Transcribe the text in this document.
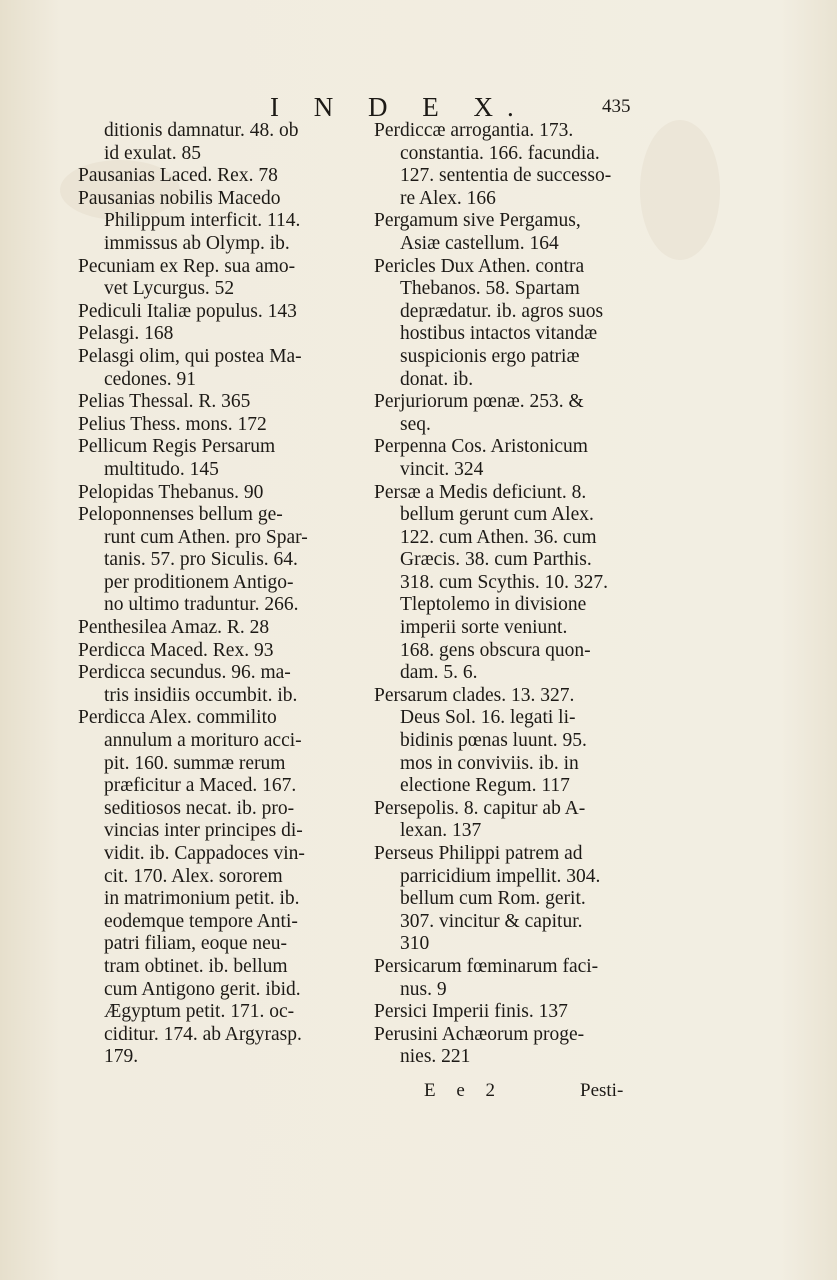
I N D E X.	435
ditionis damnatur. 48. ob
id exulat. 85
Pausanias Laced. Rex. 78
Pausanias nobilis Macedo
Philippum interficit. 114.
immissus ab Olymp. ib.
Pecuniam ex Rep. sua amo-
vet Lycurgus. 52
Pediculi Italiæ populus. 143
Pelasgi. 168
Pelasgi olim, qui postea Ma-
cedones. 91
Pelias Thessal. R. 365
Pelius Thess. mons. 172
Pellicum Regis Persarum
multitudo. 145
Pelopidas Thebanus. 90
Peloponnenses bellum ge-
runt cum Athen. pro Spar-
tanis. 57. pro Siculis. 64.
per proditionem Antigo-
no ultimo traduntur. 266.
Penthesilea Amaz. R. 28
Perdicca Maced. Rex. 93
Perdicca secundus. 96. ma-
tris insidiis occumbit. ib.
Perdicca Alex. commilito
annulum a morituro acci-
pit. 160. summæ rerum
præficitur a Maced. 167.
seditiosos necat. ib. pro-
vincias inter principes di-
vidit. ib. Cappadoces vin-
cit. 170. Alex. sororem
in matrimonium petit. ib.
eodemque tempore Anti-
patri filiam, eoque neu-
tram obtinet. ib. bellum
cum Antigono gerit. ibid.
Ægyptum petit. 171. oc-
ciditur. 174. ab Argyrasp.
179.
Perdiccæ arrogantia. 173.
constantia. 166. facundia.
127. sententia de successo-
re Alex. 166
Pergamum sive Pergamus,
Asiæ castellum. 164
Pericles Dux Athen. contra
Thebanos. 58. Spartam
deprædatur. ib. agros suos
hostibus intactos vitandæ
suspicionis ergo patriæ
donat. ib.
Perjuriorum pœnæ. 253. &
seq.
Perpenna Cos. Aristonicum
vincit. 324
Persæ a Medis deficiunt. 8.
bellum gerunt cum Alex.
122. cum Athen. 36. cum
Græcis. 38. cum Parthis.
318. cum Scythis. 10. 327.
Tleptolemo in divisione
imperii sorte veniunt.
168. gens obscura quon-
dam. 5. 6.
Persarum clades. 13. 327.
Deus Sol. 16. legati li-
bidinis pœnas luunt. 95.
mos in conviviis. ib. in
electione Regum. 117
Persepolis. 8. capitur ab A-
lexan. 137
Perseus Philippi patrem ad
parricidium impellit. 304.
bellum cum Rom. gerit.
307. vincitur & capitur.
310
Persicarum fœminarum faci-
nus. 9
Persici Imperii finis. 137
Perusini Achæorum proge-
nies. 221
E e 2	Pesti-
